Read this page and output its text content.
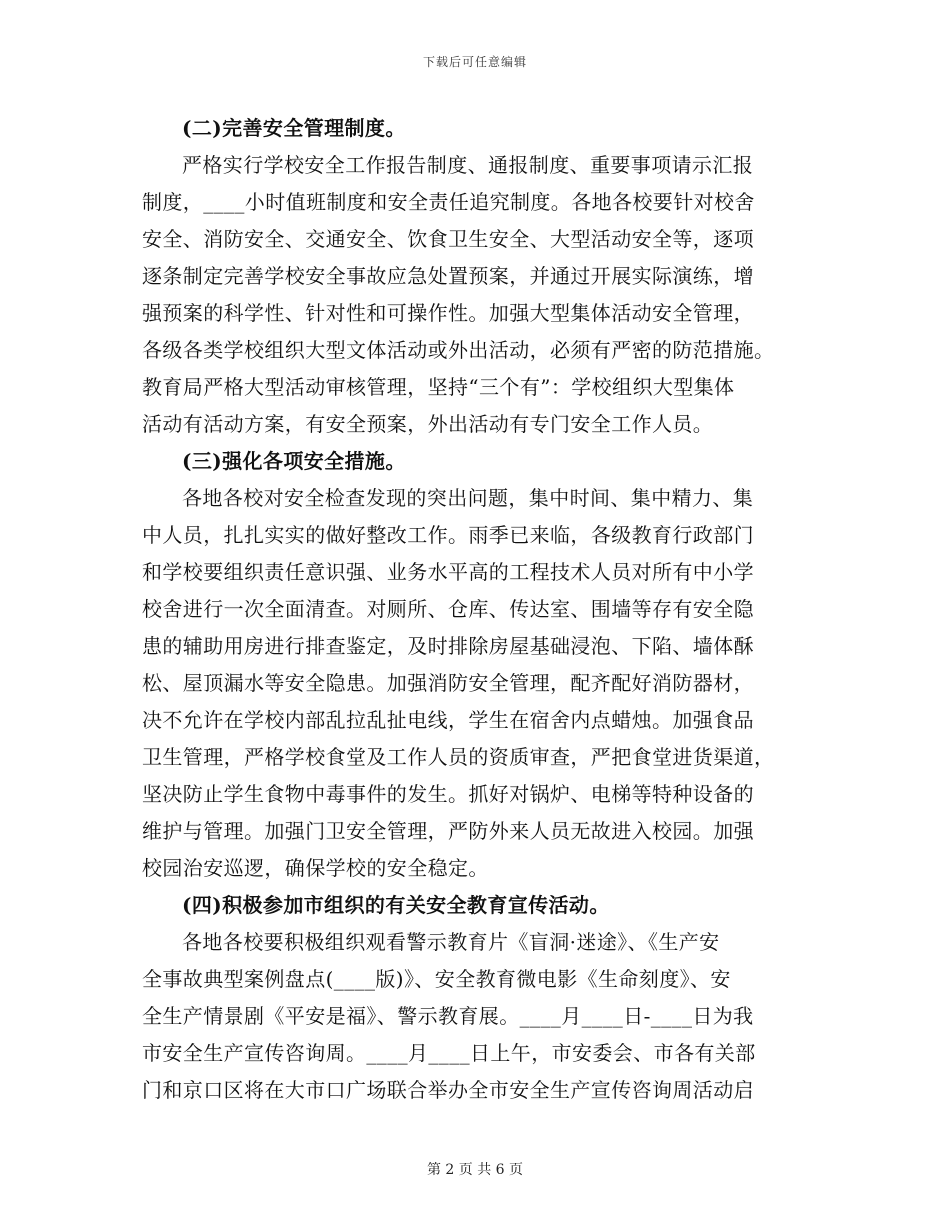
下载后可任意编辑
(二)完善安全管理制度。
严格实行学校安全工作报告制度、通报制度、重要事项请示汇报
制度，____小时值班制度和安全责任追究制度。各地各校要针对校舍
安全、消防安全、交通安全、饮食卫生安全、大型活动安全等，逐项
逐条制定完善学校安全事故应急处置预案，并通过开展实际演练，增
强预案的科学性、针对性和可操作性。加强大型集体活动安全管理，
各级各类学校组织大型文体活动或外出活动，必须有严密的防范措施。
教育局严格大型活动审核管理，坚持“三个有”：学校组织大型集体
活动有活动方案，有安全预案，外出活动有专门安全工作人员。
(三)强化各项安全措施。
各地各校对安全检查发现的突出问题，集中时间、集中精力、集
中人员，扎扎实实的做好整改工作。雨季已来临，各级教育行政部门
和学校要组织责任意识强、业务水平高的工程技术人员对所有中小学
校舍进行一次全面清查。对厕所、仓库、传达室、围墙等存有安全隐
患的辅助用房进行排查鉴定，及时排除房屋基础浸泡、下陷、墙体酥
松、屋顶漏水等安全隐患。加强消防安全管理，配齐配好消防器材，
决不允许在学校内部乱拉乱扯电线，学生在宿舍内点蜡烛。加强食品
卫生管理，严格学校食堂及工作人员的资质审查，严把食堂进货渠道，
坚决防止学生食物中毒事件的发生。抓好对锅炉、电梯等特种设备的
维护与管理。加强门卫安全管理，严防外来人员无故进入校园。加强
校园治安巡逻，确保学校的安全稳定。
(四)积极参加市组织的有关安全教育宣传活动。
各地各校要积极组织观看警示教育片《盲洞·迷途》、《生产安
全事故典型案例盘点(____版)》、安全教育微电影《生命刻度》、安
全生产情景剧《平安是福》、警示教育展。____月____日-____日为我
市安全生产宣传咨询周。____月____日上午，市安委会、市各有关部
门和京口区将在大市口广场联合举办全市安全生产宣传咨询周活动启
第 2 页 共 6 页
